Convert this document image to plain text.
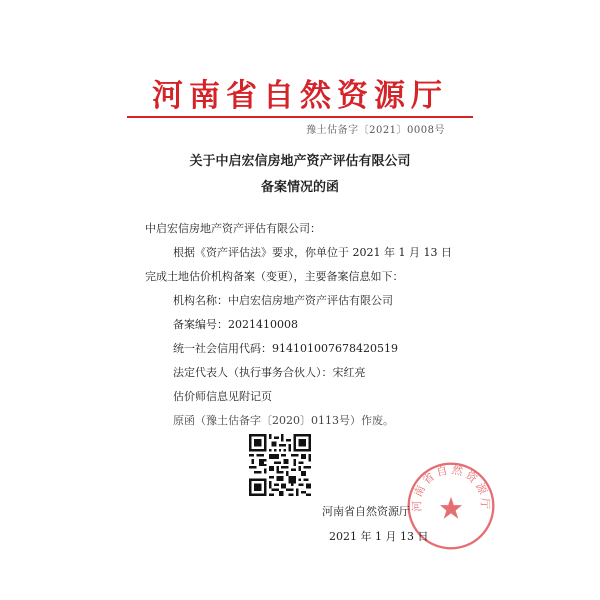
河南省自然资源厅
豫土估备字〔2021〕0008号
关于中启宏信房地产资产评估有限公司
备案情况的函
中启宏信房地产资产评估有限公司：
根据《资产评估法》要求，你单位于 2021 年 1 月 13 日
完成土地估价机构备案（变更），主要备案信息如下：
机构名称：中启宏信房地产资产评估有限公司
备案编号：2021410008
统一社会信用代码：914101007678420519
法定代表人（执行事务合伙人）：宋红亮
估价师信息见附记页
原函（豫土估备字〔2020〕0113号）作废。
河南省自然资源厅
河南省自然资源厅
2021 年 1 月 13 日
